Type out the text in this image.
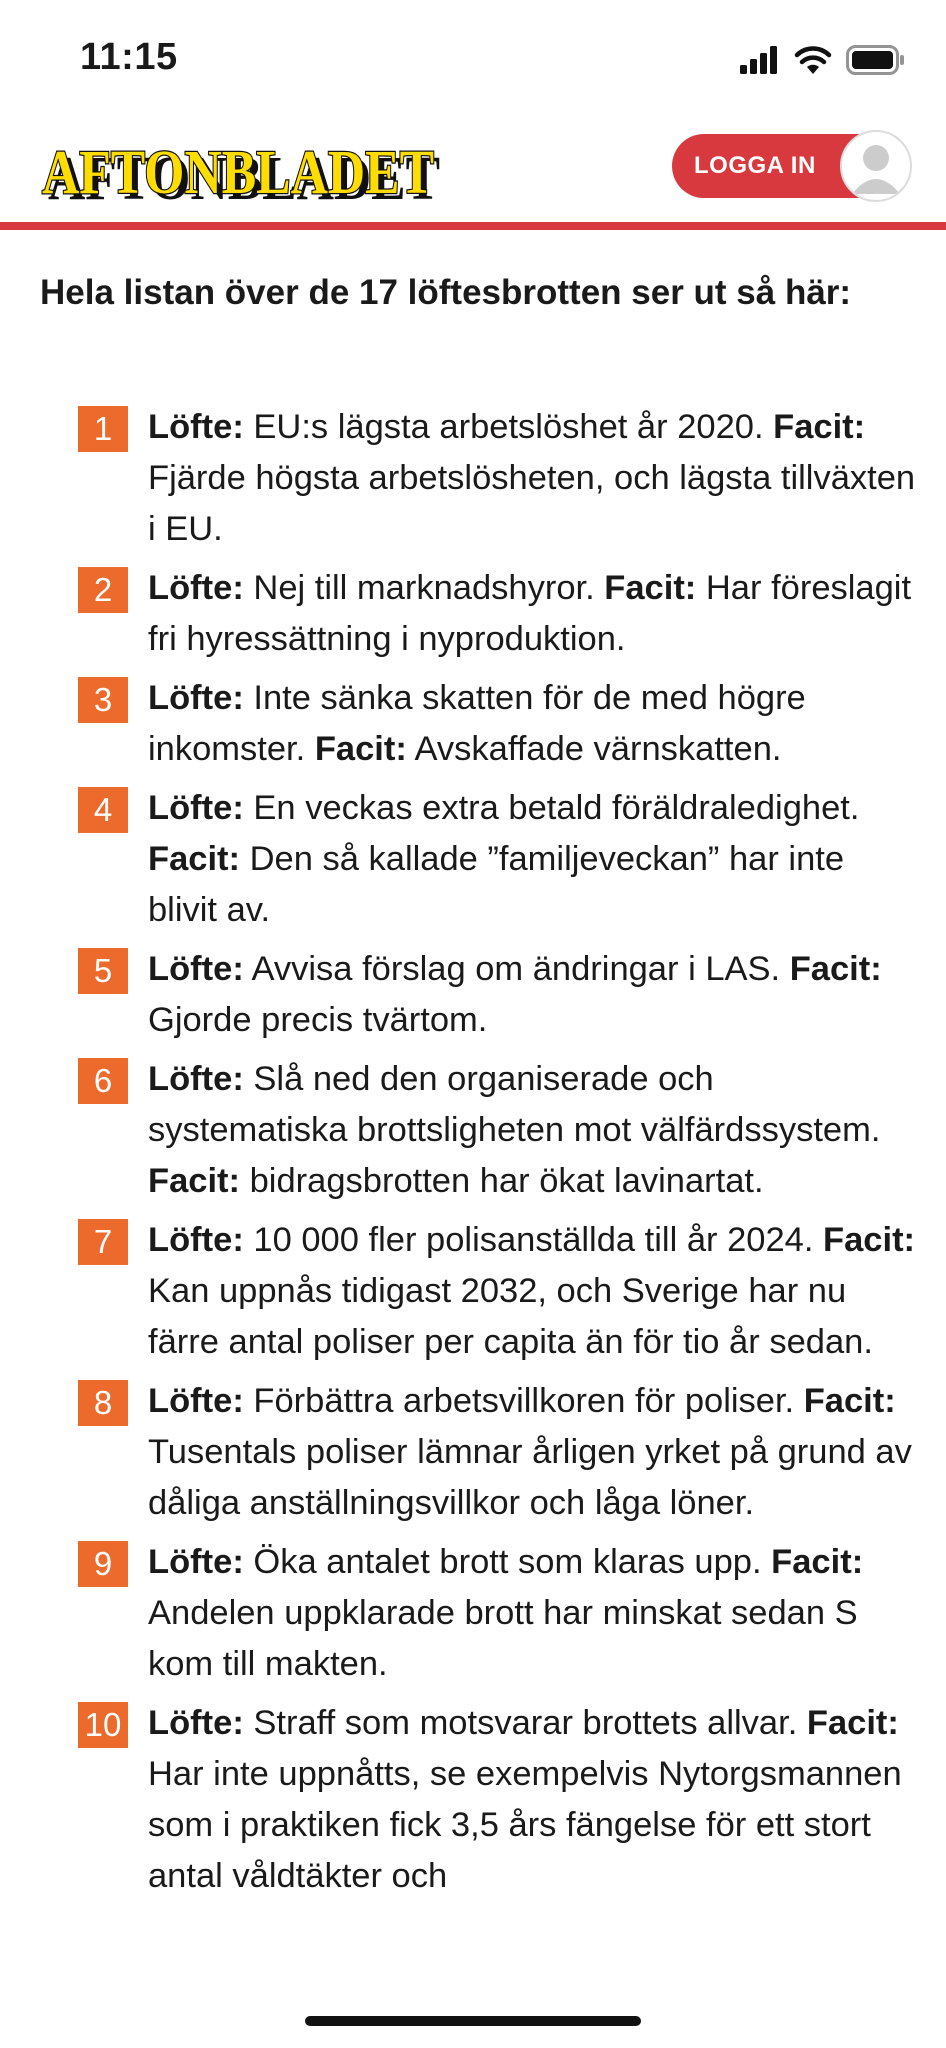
11:15
AFTONBLADET
AFTONBLADET	LOGGA IN
Hela listan över de 17 löftesbrotten ser ut så här:
1	Löfte: EU:s lägsta arbetslöshet år 2020. Facit: Fjärde högsta arbetslösheten, och lägsta tillväxten i EU.
2	Löfte: Nej till marknadshyror. Facit: Har föreslagit fri hyressättning i nyproduktion.
3	Löfte: Inte sänka skatten för de med högre inkomster. Facit: Avskaffade värnskatten.
4	Löfte: En veckas extra betald föräldraledighet. Facit: Den så kallade ”familjeveckan” har inte blivit av.
5	Löfte: Avvisa förslag om ändringar i LAS. Facit: Gjorde precis tvärtom.
6	Löfte: Slå ned den organiserade och systematiska brottsligheten mot välfärdssystem. Facit: bidragsbrotten har ökat lavinartat.
7	Löfte: 10 000 fler polisanställda till år 2024. Facit: Kan uppnås tidigast 2032, och Sverige har nu färre antal poliser per capita än för tio år sedan.
8	Löfte: Förbättra arbetsvillkoren för poliser. Facit: Tusentals poliser lämnar årligen yrket på grund av dåliga anställningsvillkor och låga löner.
9	Löfte: Öka antalet brott som klaras upp. Facit: Andelen uppklarade brott har minskat sedan S kom till makten.
10 Löfte: Straff som motsvarar brottets allvar. Facit: Har inte uppnåtts, se exempelvis Nytorgsmannen som i praktiken fick 3,5 års fängelse för ett stort antal våldtäkter och
